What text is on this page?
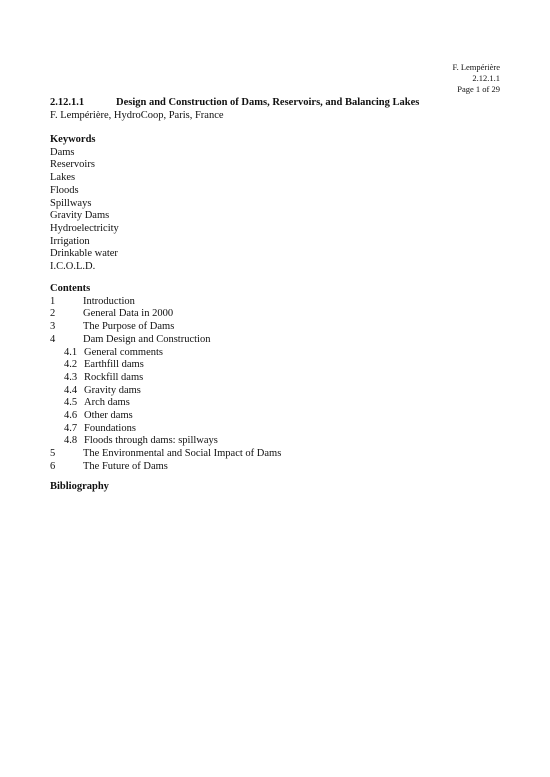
F. Lempérière
2.12.1.1
Page 1 of 29
2.12.1.1	Design and Construction of Dams, Reservoirs, and Balancing Lakes
F. Lempérière, HydroCoop, Paris, France
Keywords
Dams
Reservoirs
Lakes
Floods
Spillways
Gravity Dams
Hydroelectricity
Irrigation
Drinkable water
I.C.O.L.D.
Contents
1	Introduction
2	General Data in 2000
3	The Purpose of Dams
4	Dam Design and Construction
4.1 General comments
4.2 Earthfill dams
4.3 Rockfill dams
4.4 Gravity dams
4.5 Arch dams
4.6 Other dams
4.7 Foundations
4.8 Floods through dams: spillways
5	The Environmental and Social Impact of Dams
6	The Future of Dams
Bibliography
